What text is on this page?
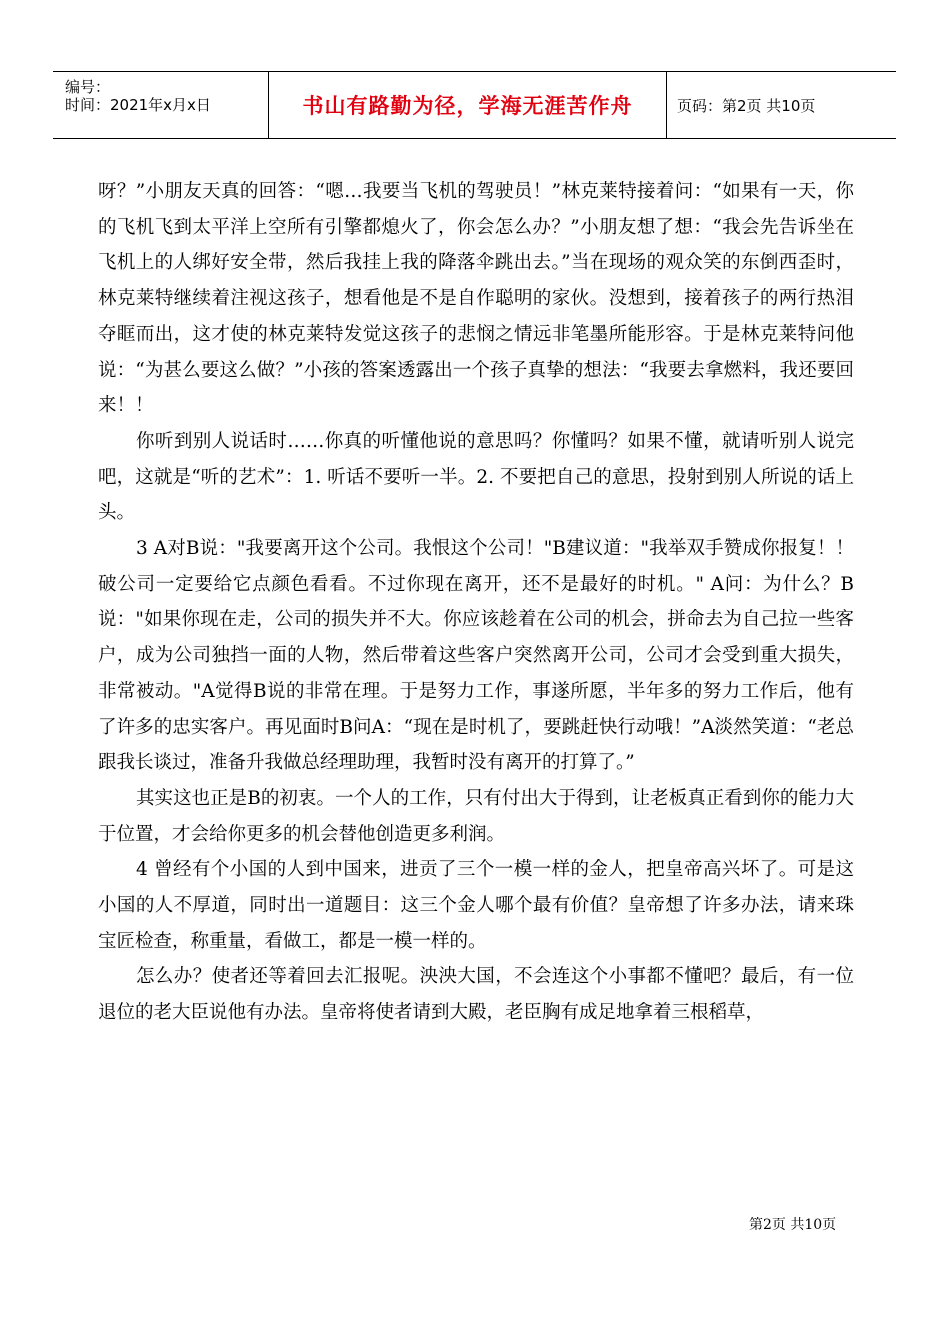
编号：
时间：2021年x月x日	书山有路勤为径，学海无涯苦作舟	页码：第2页 共10页

呀？”小朋友天真的回答：“嗯…我要当飞机的驾驶员！”林克莱特接着问：“如果有一天，你的飞机飞到太平洋上空所有引擎都熄火了，你会怎么办？”小朋友想了想：“我会先告诉坐在飞机上的人绑好安全带，然后我挂上我的降落伞跳出去。”当在现场的观众笑的东倒西歪时，林克莱特继续着注视这孩子，想看他是不是自作聪明的家伙。没想到，接着孩子的两行热泪夺眶而出，这才使的林克莱特发觉这孩子的悲悯之情远非笔墨所能形容。于是林克莱特问他说：“为甚么要这么做？”小孩的答案透露出一个孩子真挚的想法：“我要去拿燃料，我还要回来！！

你听到别人说话时……你真的听懂他说的意思吗？你懂吗？如果不懂，就请听别人说完吧，这就是“听的艺术”：1. 听话不要听一半。2. 不要把自己的意思，投射到别人所说的话上头。

3 A对B说："我要离开这个公司。我恨这个公司！"B建议道："我举双手赞成你报复！！破公司一定要给它点颜色看看。不过你现在离开，还不是最好的时机。" A问：为什么？B说："如果你现在走，公司的损失并不大。你应该趁着在公司的机会，拼命去为自己拉一些客户，成为公司独挡一面的人物，然后带着这些客户突然离开公司，公司才会受到重大损失，非常被动。"A觉得B说的非常在理。于是努力工作，事遂所愿，半年多的努力工作后，他有了许多的忠实客户。再见面时B问A：“现在是时机了，要跳赶快行动哦！”A淡然笑道：“老总跟我长谈过，准备升我做总经理助理，我暂时没有离开的打算了。”

其实这也正是B的初衷。一个人的工作，只有付出大于得到，让老板真正看到你的能力大于位置，才会给你更多的机会替他创造更多利润。

4 曾经有个小国的人到中国来，进贡了三个一模一样的金人，把皇帝高兴坏了。可是这小国的人不厚道，同时出一道题目：这三个金人哪个最有价值？皇帝想了许多办法，请来珠宝匠检查，称重量，看做工，都是一模一样的。

怎么办？使者还等着回去汇报呢。泱泱大国，不会连这个小事都不懂吧？最后，有一位退位的老大臣说他有办法。皇帝将使者请到大殿，老臣胸有成足地拿着三根稻草，

第2页 共10页
